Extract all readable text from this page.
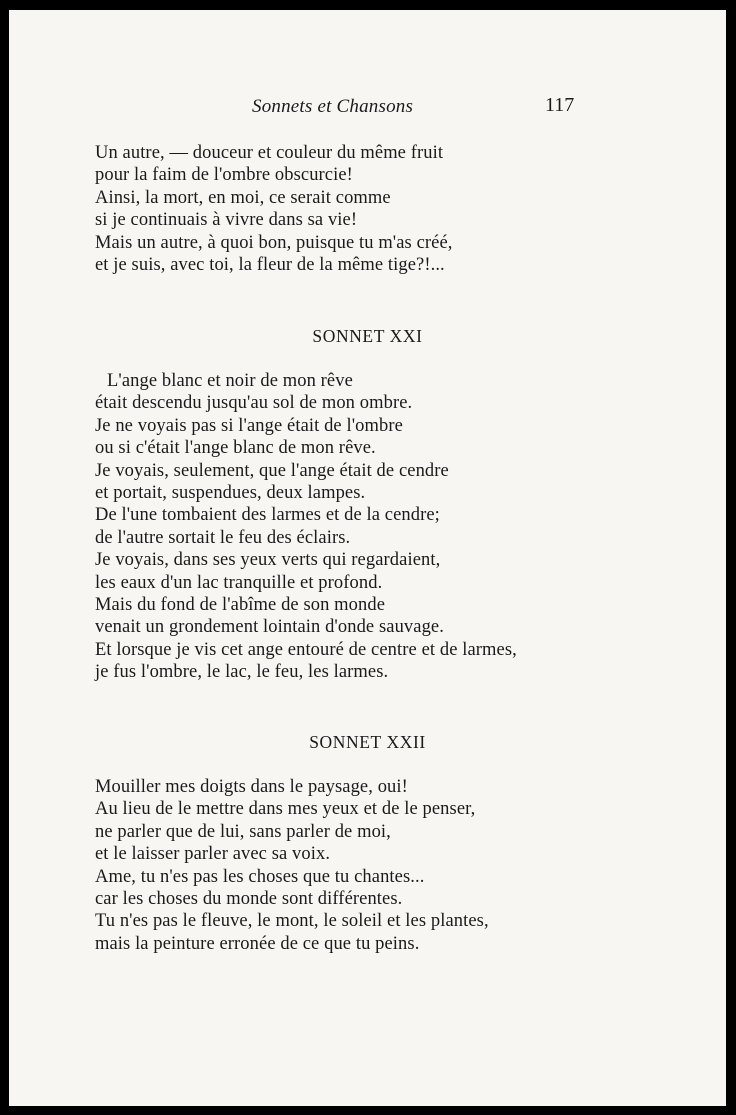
Sonnets et Chansons	117
Un autre, — douceur et couleur du même fruit
pour la faim de l'ombre obscurcie!
Ainsi, la mort, en moi, ce serait comme
si je continuais à vivre dans sa vie!
Mais un autre, à quoi bon, puisque tu m'as créé,
et je suis, avec toi, la fleur de la même tige?!...
SONNET XXI
L'ange blanc et noir de mon rêve
était descendu jusqu'au sol de mon ombre.
Je ne voyais pas si l'ange était de l'ombre
ou si c'était l'ange blanc de mon rêve.
Je voyais, seulement, que l'ange était de cendre
et portait, suspendues, deux lampes.
De l'une tombaient des larmes et de la cendre;
de l'autre sortait le feu des éclairs.
Je voyais, dans ses yeux verts qui regardaient,
les eaux d'un lac tranquille et profond.
Mais du fond de l'abîme de son monde
venait un grondement lointain d'onde sauvage.
Et lorsque je vis cet ange entouré de centre et de larmes,
je fus l'ombre, le lac, le feu, les larmes.
SONNET XXII
Mouiller mes doigts dans le paysage, oui!
Au lieu de le mettre dans mes yeux et de le penser,
ne parler que de lui, sans parler de moi,
et le laisser parler avec sa voix.
Ame, tu n'es pas les choses que tu chantes...
car les choses du monde sont différentes.
Tu n'es pas le fleuve, le mont, le soleil et les plantes,
mais la peinture erronée de ce que tu peins.
